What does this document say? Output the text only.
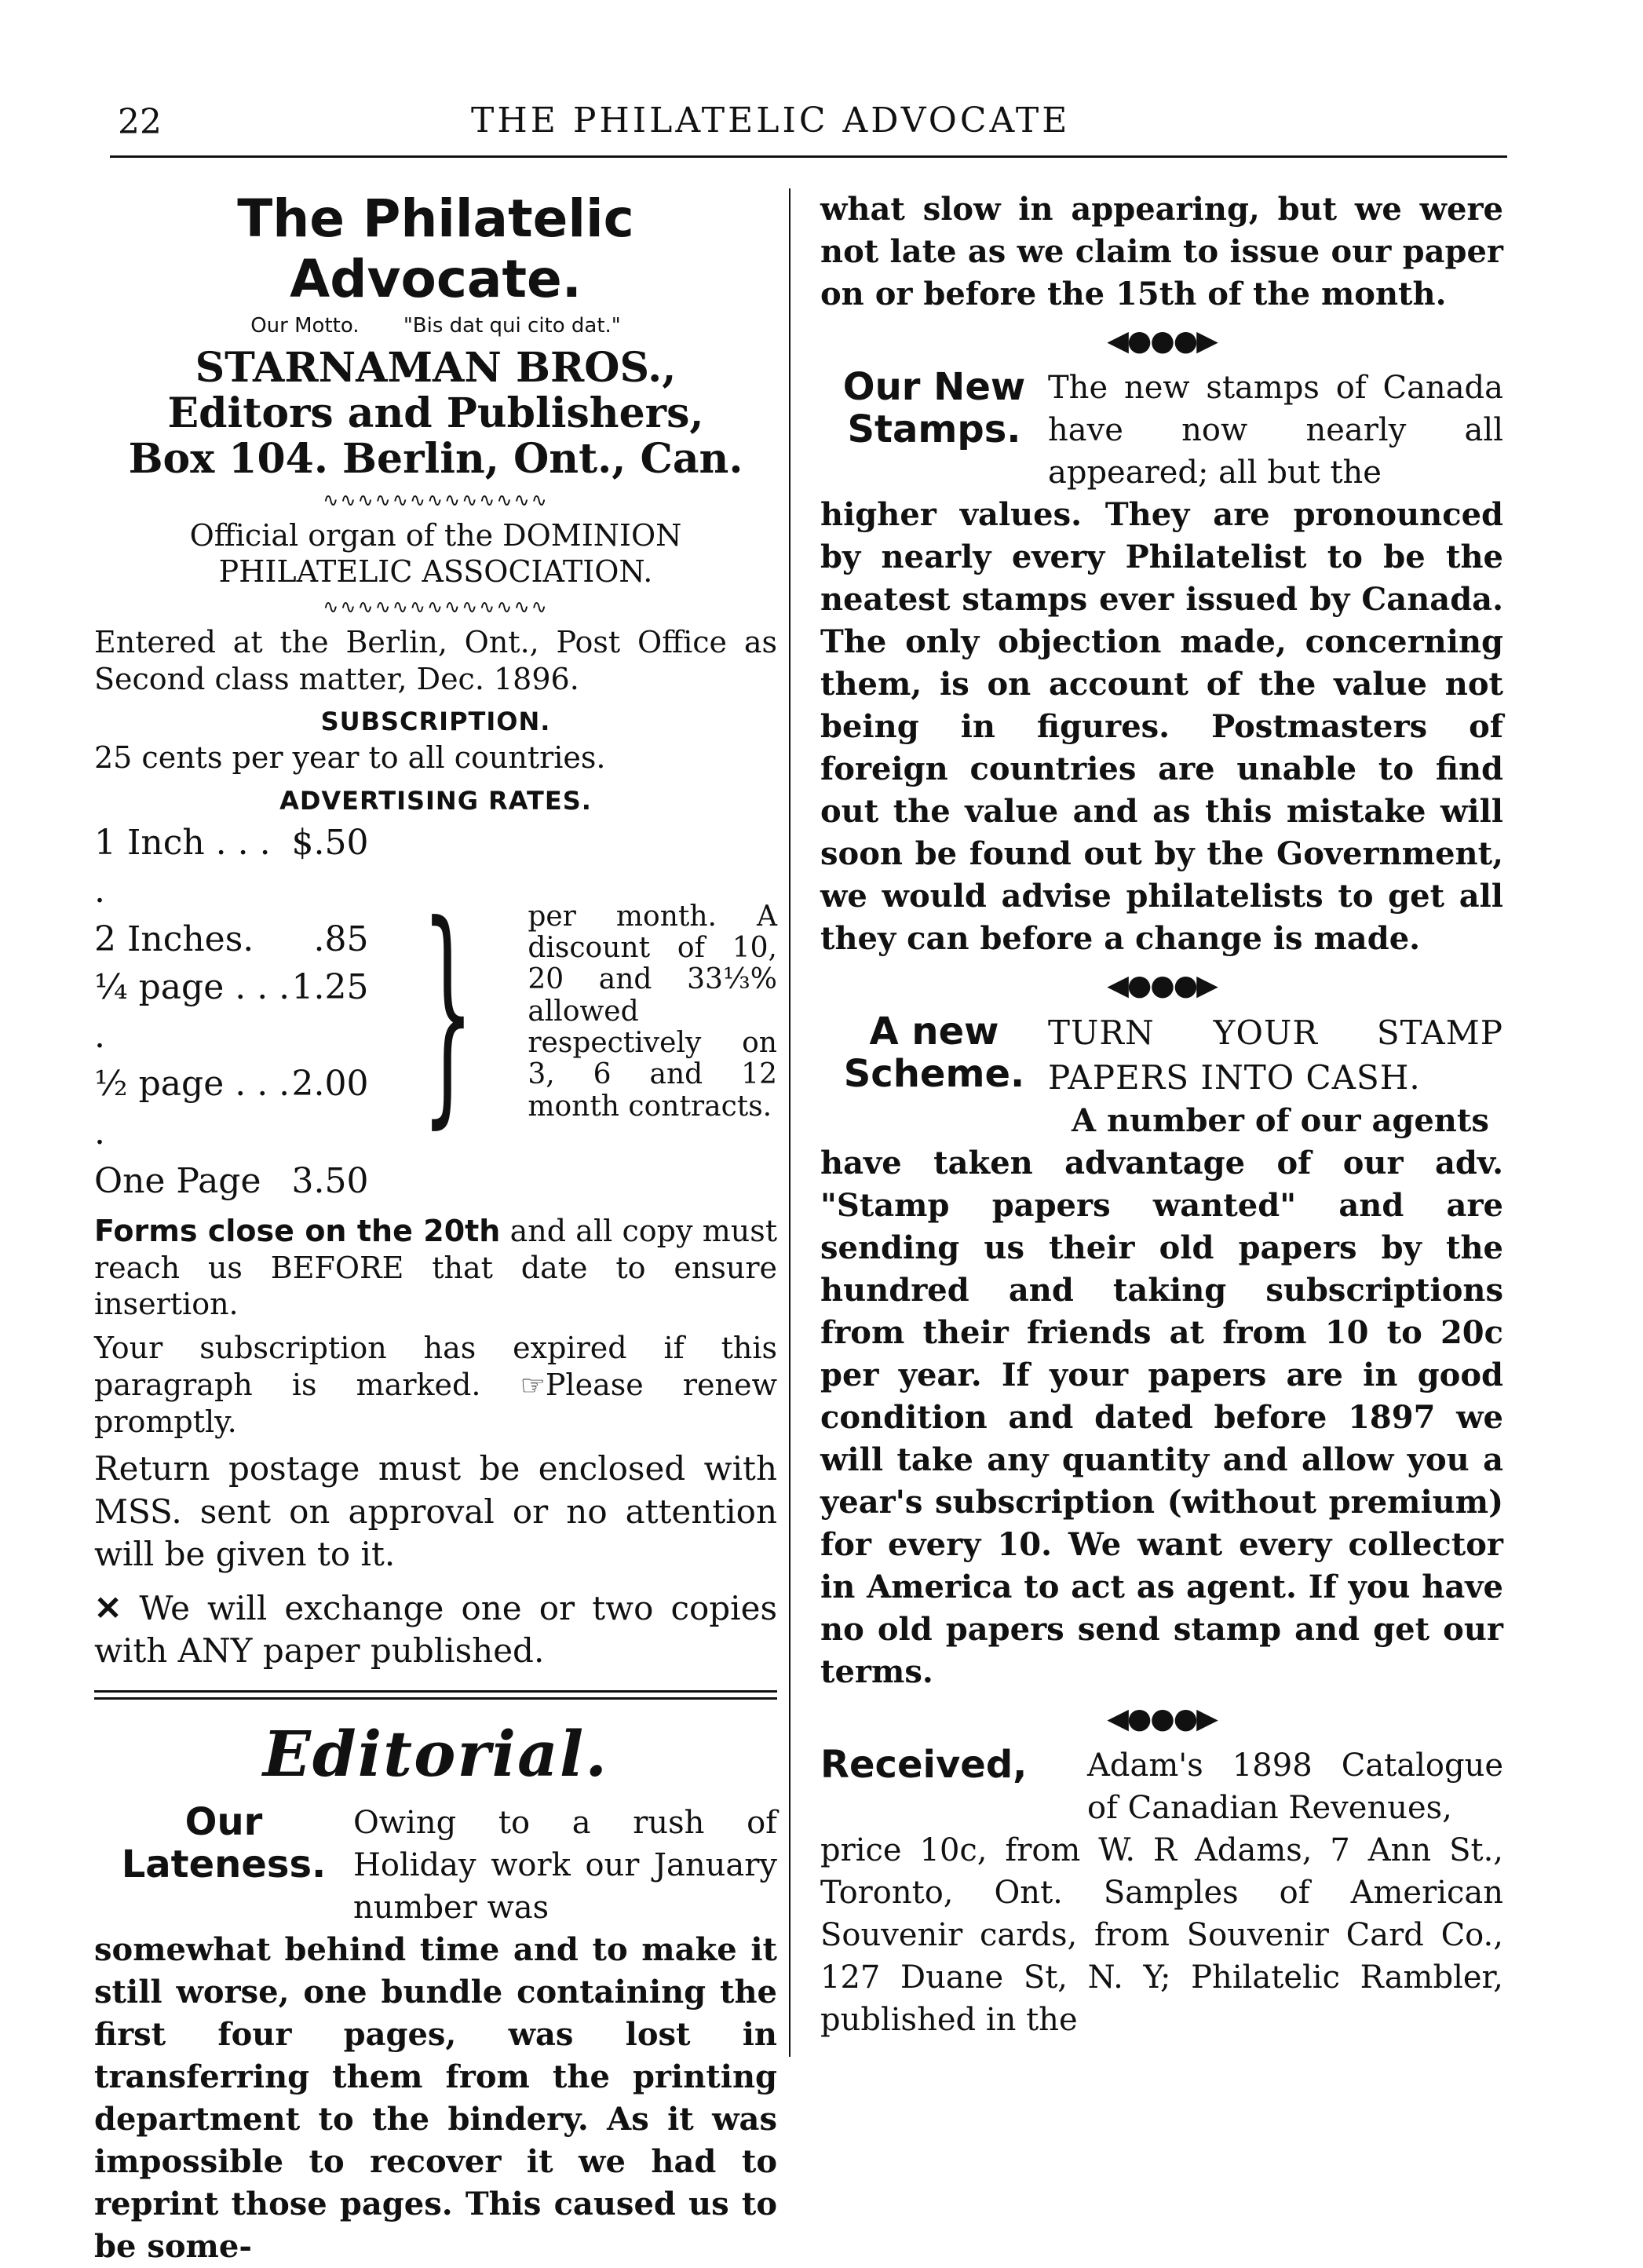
22	THE PHILATELIC ADVOCATE
The Philatelic Advocate.
Our Motto. "Bis dat qui cito dat."
STARNAMAN BROS.,
Editors and Publishers,
Box 104. Berlin, Ont., Can.
∿∿∿∿∿∿∿∿∿∿∿∿∿
Official organ of the DOMINION PHILATELIC ASSOCIATION.
∿∿∿∿∿∿∿∿∿∿∿∿∿
Entered at the Berlin, Ont., Post Office as Second class matter, Dec. 1896.
SUBSCRIPTION.
25 cents per year to all countries.
ADVERTISING RATES.
1 Inch . . . .
$.50
2 Inches. .85
¼ page . . . .
1.25
½ page . . . .
2.00
One Page 3.50
} per month. A discount of 10, 20 and 33⅓% allowed respectively on 3, 6 and 12 month contracts.
Forms close on the 20th and all copy must reach us BEFORE that date to ensure insertion.
Your subscription has expired if this paragraph is marked. ☞Please renew promptly.
Return postage must be enclosed with MSS. sent on approval or no attention will be given to it.
✕ We will exchange one or two copies with ANY paper published.
Editorial.
Our Lateness.
Owing to a rush of Holiday work our January number was
somewhat behind time and to make it still worse, one bundle containing the first four pages, was lost in transferring them from the printing department to the bindery. As it was impossible to recover it we had to reprint those pages. This caused us to be some-
what slow in appearing, but we were not late as we claim to issue our paper on or before the 15th of the month.
◀●●●▶
Our New Stamps.
The new stamps of Canada have now nearly all appeared; all but the
higher values. They are pronounced by nearly every Philatelist to be the neatest stamps ever issued by Canada. The only objection made, concerning them, is on account of the value not being in figures. Postmasters of foreign countries are unable to find out the value and as this mistake will soon be found out by the Government, we would advise philatelists to get all they can before a change is made.
◀●●●▶
A new Scheme.
TURN YOUR STAMP PAPERS INTO CASH.
A number of our agents
have taken advantage of our adv. "Stamp papers wanted" and are sending us their old papers by the hundred and taking subscriptions from their friends at from 10 to 20c per year. If your papers are in good condition and dated before 1897 we will take any quantity and allow you a year's subscription (without premium) for every 10. We want every collector in America to act as agent. If you have no old papers send stamp and get our terms.
◀●●●▶
Received,	Adam's 1898 Catalogue of Canadian Revenues,
price 10c, from W. R Adams, 7 Ann St., Toronto, Ont. Samples of American Souvenir cards, from Souvenir Card Co., 127 Duane St, N. Y; Philatelic Rambler, published in the
